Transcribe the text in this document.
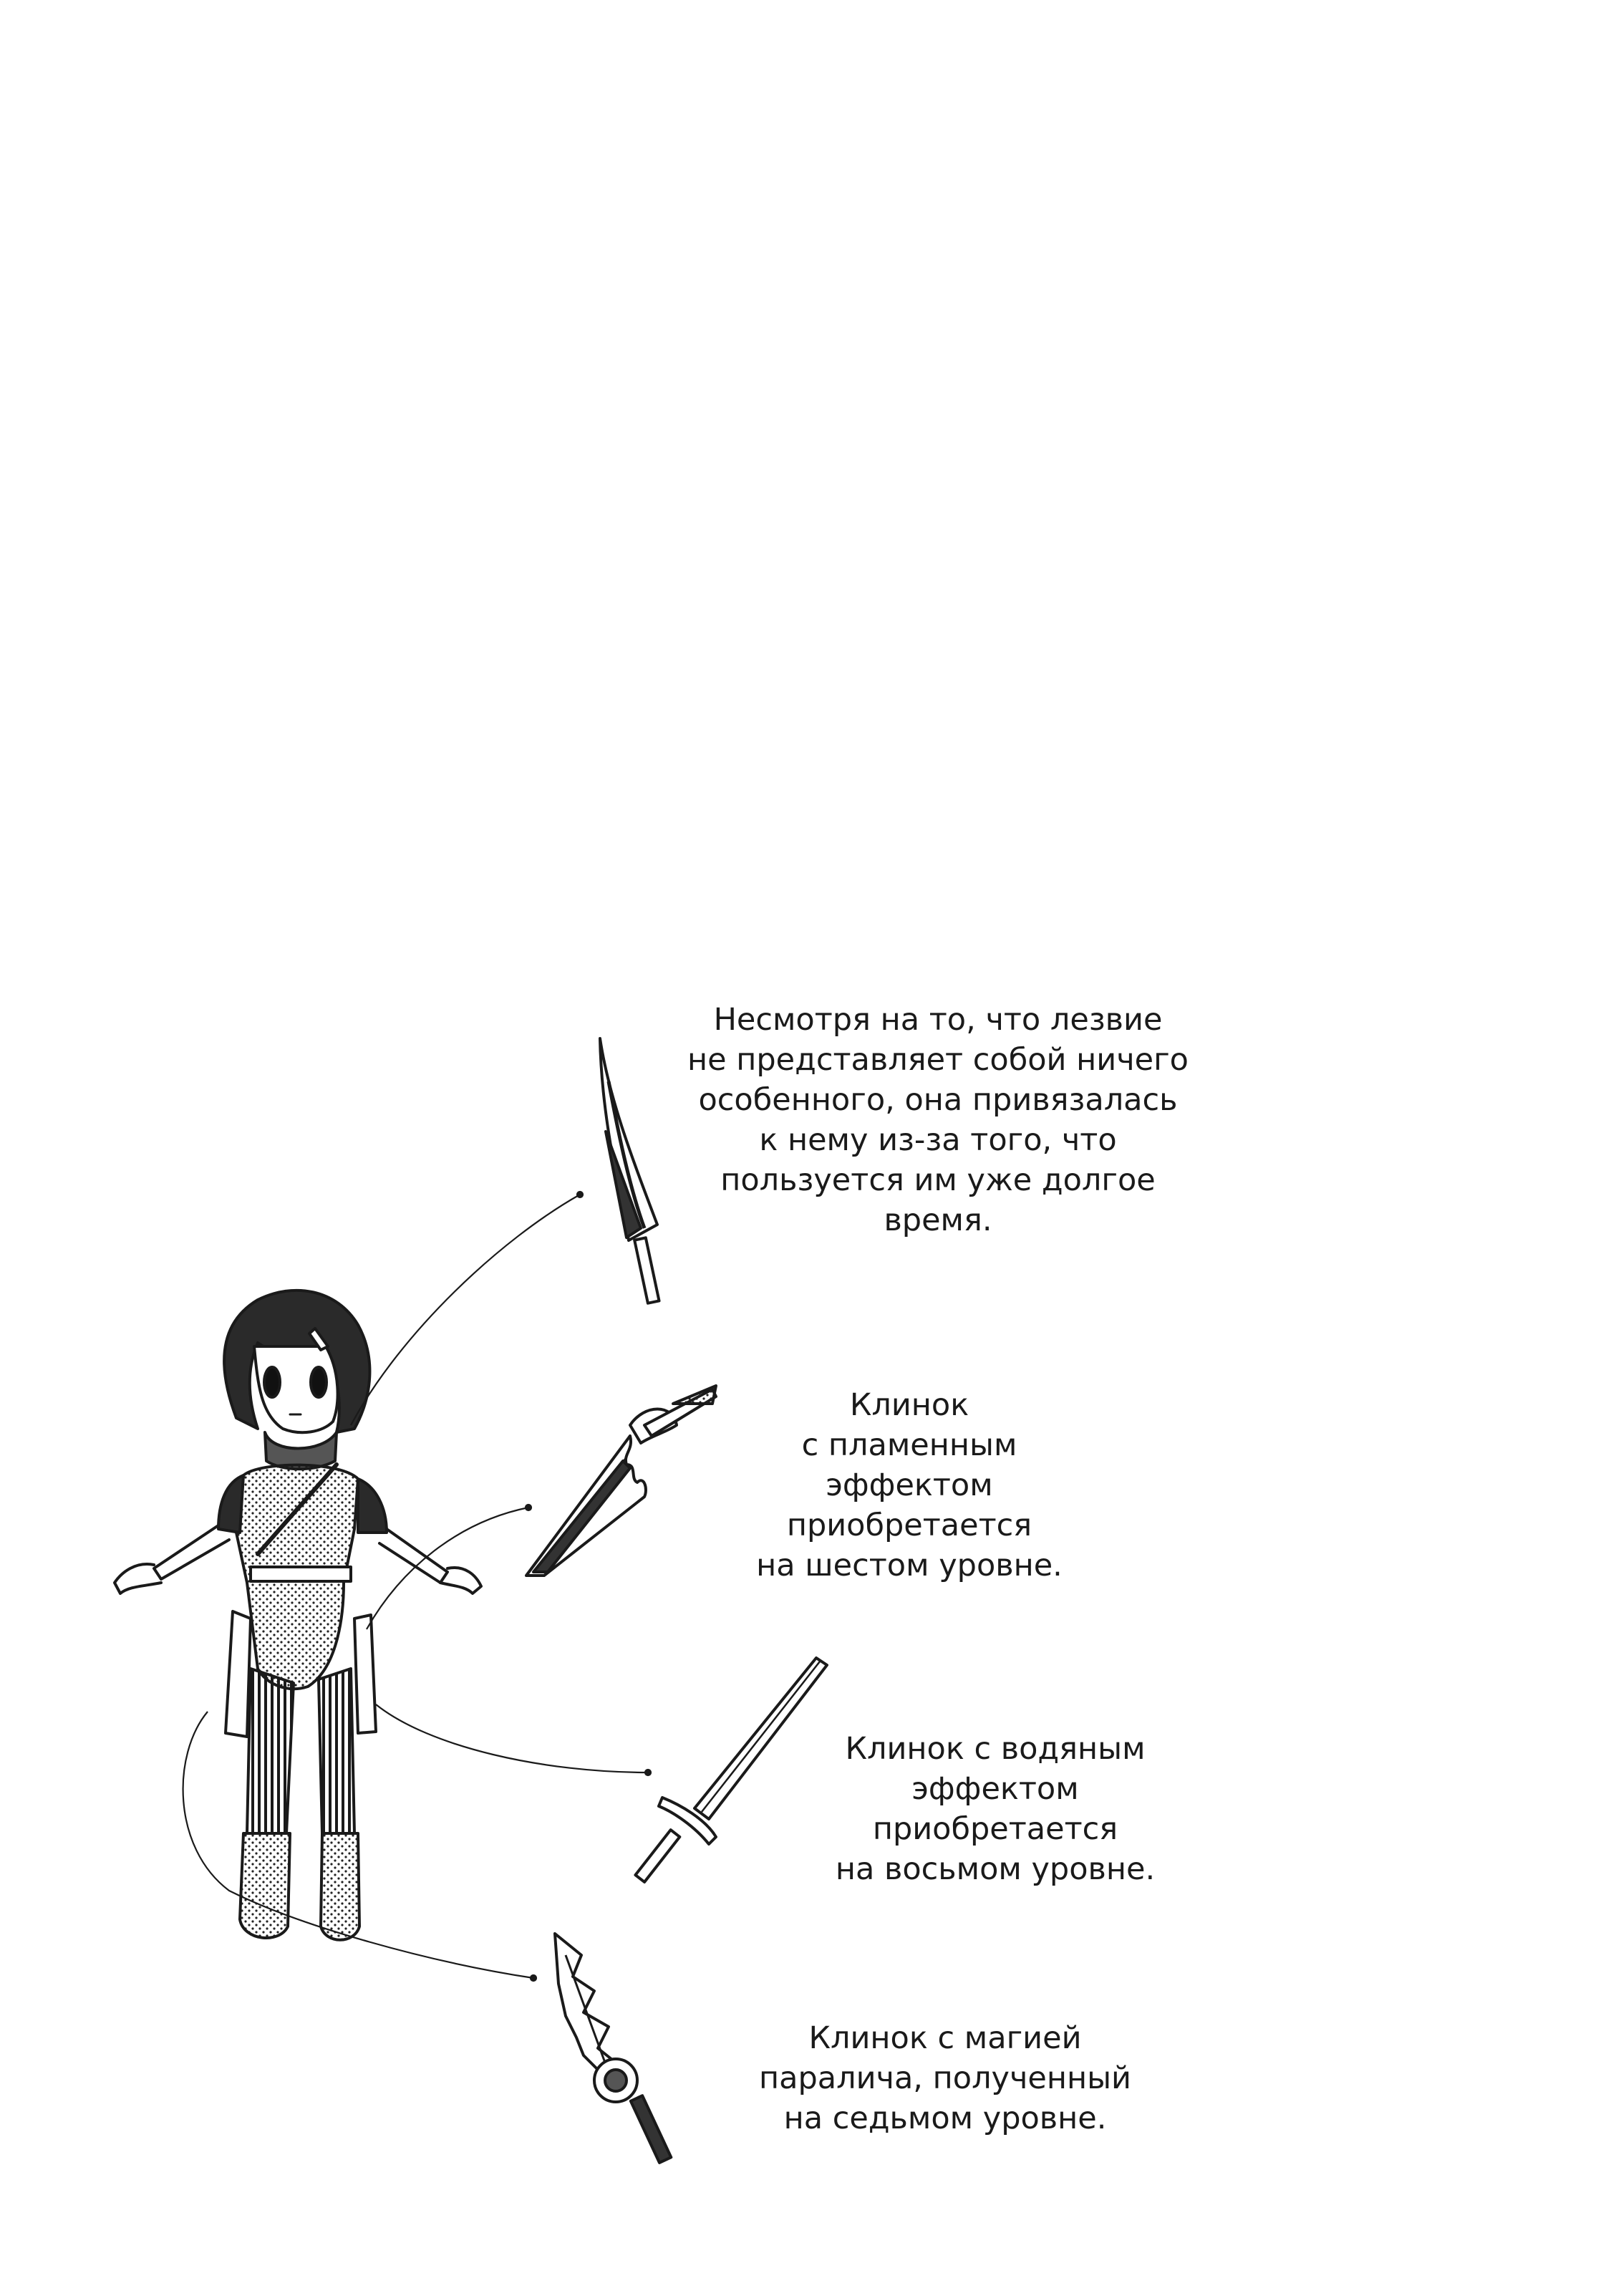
Несмотря на то, что лезвие
не представляет собой ничего
особенного, она привязалась
к нему из-за того, что
пользуется им уже долгое
время.
Клинок
с пламенным
эффектом
приобретается
на шестом уровне.
Клинок с водяным
эффектом
приобретается
на восьмом уровне.
Клинок с магией
паралича, полученный
на седьмом уровне.
